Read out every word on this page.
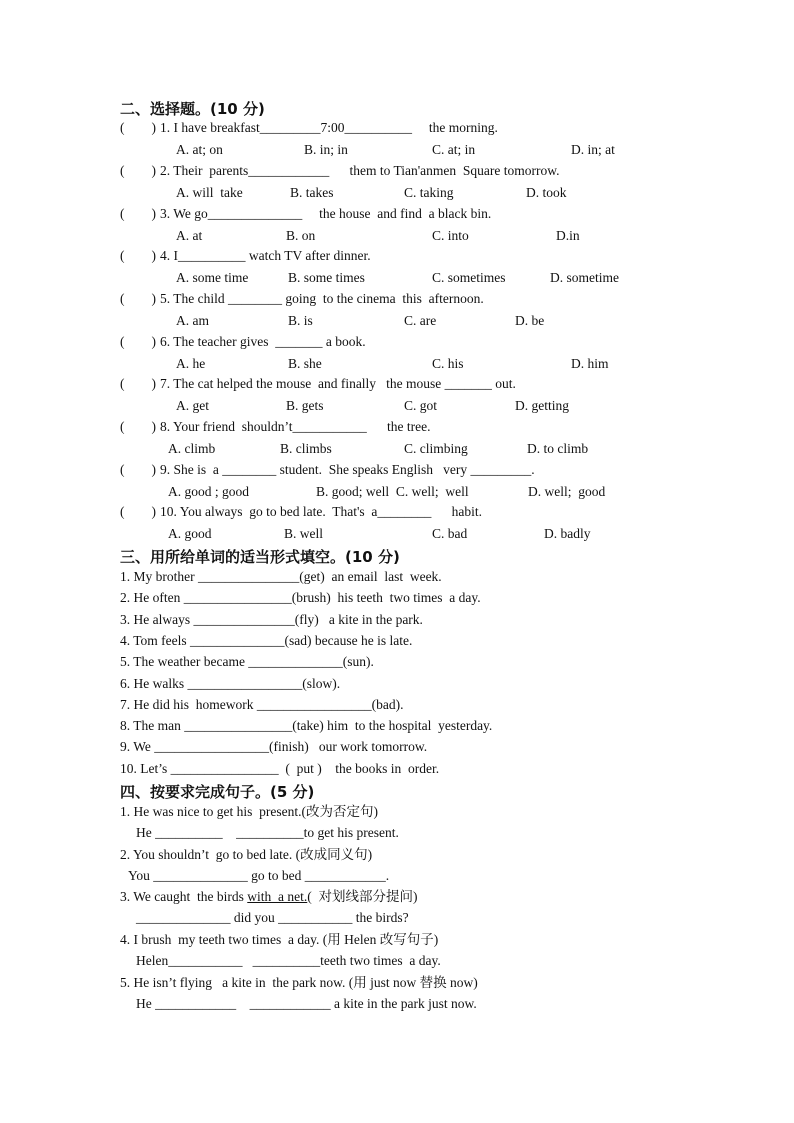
二、选择题。(10 分)
(        ) 1. I have breakfast_________7:00__________     the morning.
A. at; on	B. in; in	C. at; in	D. in; at
(        ) 2. Their  parents____________      them to Tian'anmen  Square tomorrow.
A. will  take	B. takes	C. taking	D. took
(        ) 3. We go______________     the house  and find  a black bin.
A. at	B. on	C. into	D.in
(        ) 4. I__________ watch TV after dinner.
A. some time	B. some times	C. sometimes	D. sometime
(        ) 5. The child ________ going  to the cinema  this  afternoon.
A. am	B. is	C. are	D. be
(        ) 6. The teacher gives  _______ a book.
A. he	B. she	C. his	D. him
(        ) 7. The cat helped the mouse  and finally   the mouse _______ out.
A. get	B. gets	C. got	D. getting
(        ) 8. Your friend  shouldn’t___________      the tree.
A. climb	B. climbs	C. climbing	D. to climb
(        ) 9. She is  a ________ student.  She speaks English   very _________.
A. good ; good	B. good; well  C. well;  well	D. well;  good
(        ) 10. You always  go to bed late.  That's  a________      habit.
A. good	B. well	C. bad	D. badly
三、用所给单词的适当形式填空。(10 分)
1. My brother _______________(get)  an email  last  week.
2. He often ________________(brush)  his teeth  two times  a day.
3. He always _______________(fly)   a kite in the park.
4. Tom feels ______________(sad) because he is late.
5. The weather became ______________(sun).
6. He walks _________________(slow).
7. He did his  homework _________________(bad).
8. The man ________________(take) him  to the hospital  yesterday.
9. We _________________(finish)   our work tomorrow.
10. Let’s ________________  (  put )    the books in  order.
四、按要求完成句子。(5 分)
1. He was nice to get his  present.(改为否定句)
He __________    __________to get his present.
2. You shouldn’t  go to bed late. (改成同义句)
You ______________ go to bed ____________.
3. We caught  the birds with  a net.(  对划线部分提问)
______________ did you ___________ the birds?
4. I brush  my teeth two times  a day. (用 Helen 改写句子)
Helen___________   __________teeth two times  a day.
5. He isn’t flying   a kite in  the park now. (用 just now 替换 now)
He ____________    ____________ a kite in the park just now.
